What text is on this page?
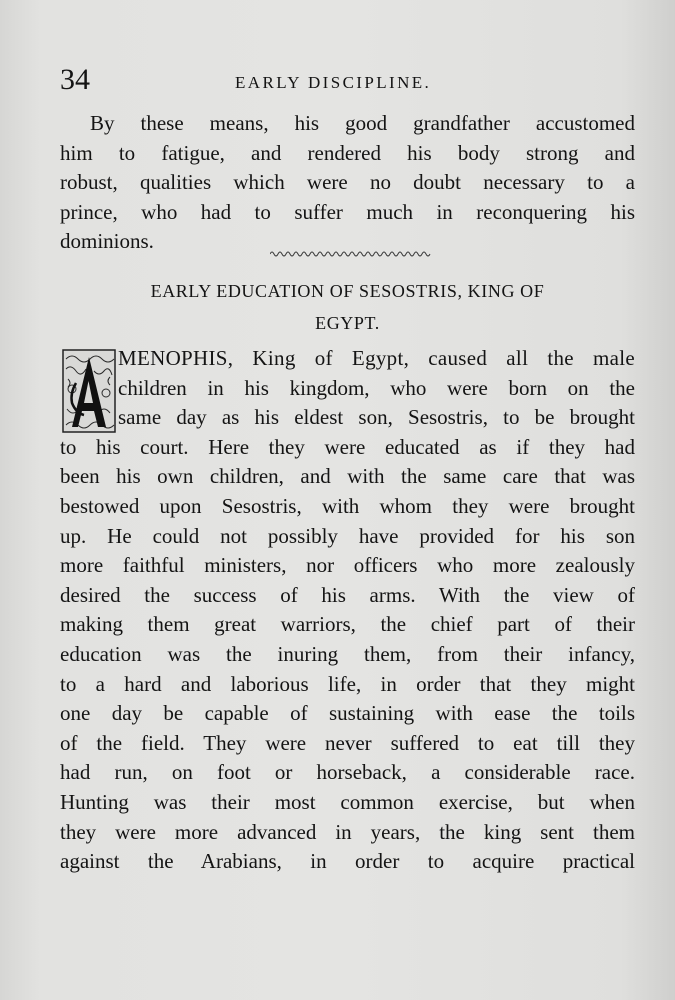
34	EARLY DISCIPLINE.
By these means, his good grandfather accustomed
him to fatigue, and rendered his body strong and
robust, qualities which were no doubt necessary to a
prince, who had to suffer much in reconquering his
dominions.
EARLY EDUCATION OF SESOSTRIS, KING OF
EGYPT.
MENOPHIS, King of Egypt, caused all the male
children in his kingdom, who were born on the
same day as his eldest son, Sesostris, to be brought
to his court. Here they were educated as if they had
been his own children, and with the same care that was
bestowed upon Sesostris, with whom they were brought
up. He could not possibly have provided for his son
more faithful ministers, nor officers who more zealously
desired the success of his arms. With the view of
making them great warriors, the chief part of their
education was the inuring them, from their infancy,
to a hard and laborious life, in order that they might
one day be capable of sustaining with ease the toils
of the field. They were never suffered to eat till they
had run, on foot or horseback, a considerable race.
Hunting was their most common exercise, but when
they were more advanced in years, the king sent them
against the Arabians, in order to acquire practical
